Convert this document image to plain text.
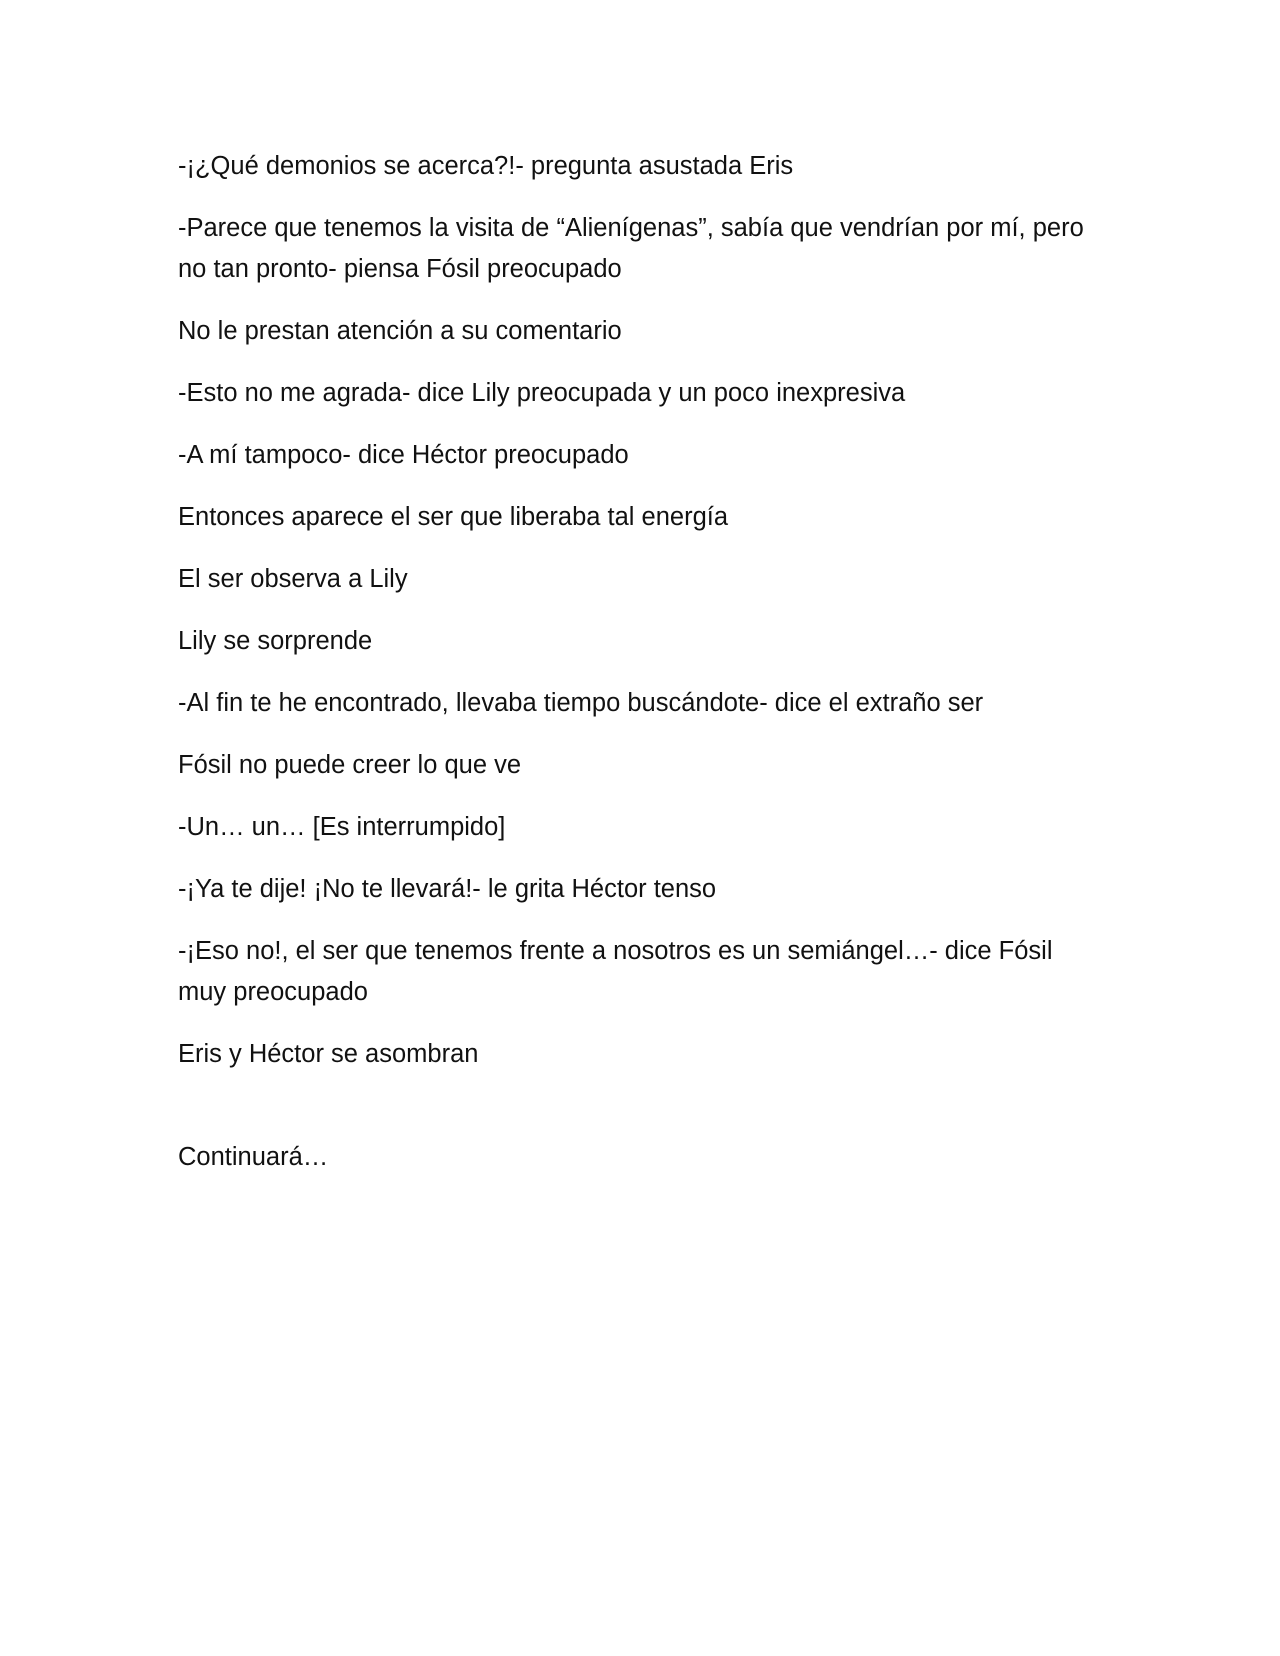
-¡¿Qué demonios se acerca?!- pregunta asustada Eris

-Parece que tenemos la visita de “Alienígenas”, sabía que vendrían por mí, pero no tan pronto- piensa Fósil preocupado

No le prestan atención a su comentario

-Esto no me agrada- dice Lily preocupada y un poco inexpresiva

-A mí tampoco- dice Héctor preocupado

Entonces aparece el ser que liberaba tal energía

El ser observa a Lily

Lily se sorprende

-Al fin te he encontrado, llevaba tiempo buscándote- dice el extraño ser

Fósil no puede creer lo que ve

-Un… un… [Es interrumpido]

-¡Ya te dije! ¡No te llevará!- le grita Héctor tenso

-¡Eso no!, el ser que tenemos frente a nosotros es un semiángel…- dice Fósil muy preocupado

Eris y Héctor se asombran

Continuará…
